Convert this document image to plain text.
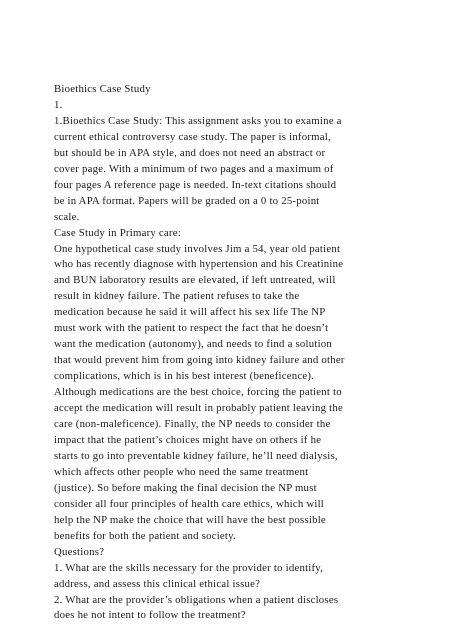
Bioethics Case Study
1.
1.Bioethics Case Study: This assignment asks you to examine a
current ethical controversy case study. The paper is informal,
but should be in APA style, and does not need an abstract or
cover page. With a minimum of two pages and a maximum of
four pages A reference page is needed. In-text citations should
be in APA format. Papers will be graded on a 0 to 25-point
scale.
Case Study in Primary care:
One hypothetical case study involves Jim a 54, year old patient
who has recently diagnose with hypertension and his Creatinine
and BUN laboratory results are elevated, if left untreated, will
result in kidney failure. The patient refuses to take the
medication because he said it will affect his sex life The NP
must work with the patient to respect the fact that he doesn’t
want the medication (autonomy), and needs to find a solution
that would prevent him from going into kidney failure and other
complications, which is in his best interest (beneficence).
Although medications are the best choice, forcing the patient to
accept the medication will result in probably patient leaving the
care (non-maleficence). Finally, the NP needs to consider the
impact that the patient’s choices might have on others if he
starts to go into preventable kidney failure, he’ll need dialysis,
which affects other people who need the same treatment
(justice). So before making the final decision the NP must
consider all four principles of health care ethics, which will
help the NP make the choice that will have the best possible
benefits for both the patient and society.
Questions?
1. What are the skills necessary for the provider to identify,
address, and assess this clinical ethical issue?
2. What are the provider’s obligations when a patient discloses
does he not intent to follow the treatment?
